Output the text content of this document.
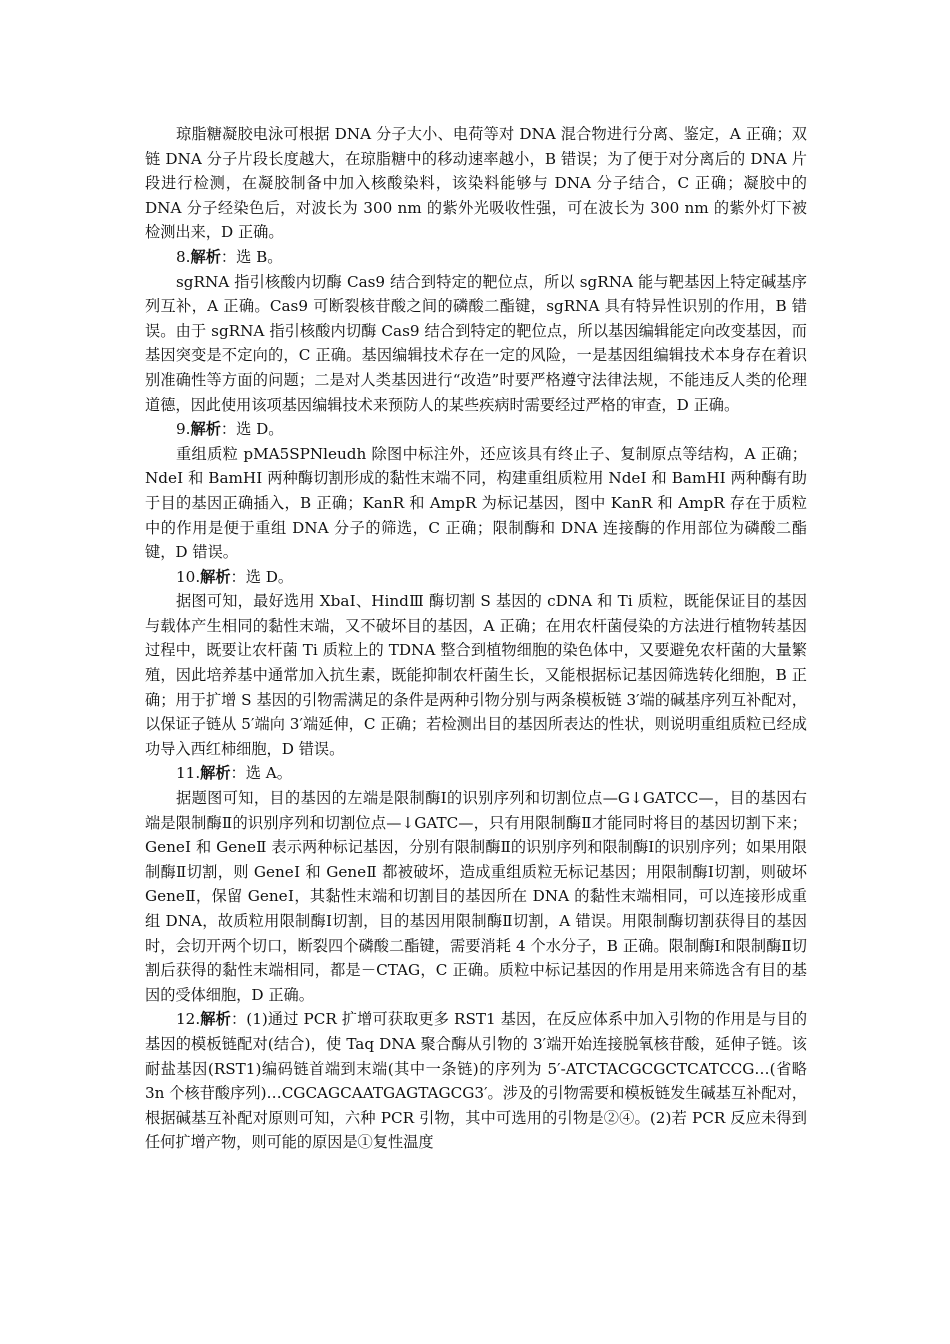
琼脂糖凝胶电泳可根据 DNA 分子大小、电荷等对 DNA 混合物进行分离、鉴定，A 正确；双链 DNA 分子片段长度越大，在琼脂糖中的移动速率越小，B 错误；为了便于对分离后的 DNA 片段进行检测，在凝胶制备中加入核酸染料，该染料能够与 DNA 分子结合，C 正确；凝胶中的 DNA 分子经染色后，对波长为 300 nm 的紫外光吸收性强，可在波长为 300 nm 的紫外灯下被检测出来，D 正确。

8.解析：选 B。

sgRNA 指引核酸内切酶 Cas9 结合到特定的靶位点，所以 sgRNA 能与靶基因上特定碱基序列互补，A 正确。Cas9 可断裂核苷酸之间的磷酸二酯键，sgRNA 具有特异性识别的作用，B 错误。由于 sgRNA 指引核酸内切酶 Cas9 结合到特定的靶位点，所以基因编辑能定向改变基因，而基因突变是不定向的，C 正确。基因编辑技术存在一定的风险，一是基因组编辑技术本身存在着识别准确性等方面的问题；二是对人类基因进行“改造”时要严格遵守法律法规，不能违反人类的伦理道德，因此使用该项基因编辑技术来预防人的某些疾病时需要经过严格的审查，D 正确。

9.解析：选 D。

重组质粒 pMA5SPNleudh 除图中标注外，还应该具有终止子、复制原点等结构，A 正确；NdeⅠ 和 BamHⅠ 两种酶切割形成的黏性末端不同，构建重组质粒用 NdeⅠ 和 BamHⅠ 两种酶有助于目的基因正确插入，B 正确；KanR 和 AmpR 为标记基因，图中 KanR 和 AmpR 存在于质粒中的作用是便于重组 DNA 分子的筛选，C 正确；限制酶和 DNA 连接酶的作用部位为磷酸二酯键，D 错误。

10.解析：选 D。

据图可知，最好选用 XbaⅠ、HindⅢ 酶切割 S 基因的 cDNA 和 Ti 质粒，既能保证目的基因与载体产生相同的黏性末端，又不破坏目的基因，A 正确；在用农杆菌侵染的方法进行植物转基因过程中，既要让农杆菌 Ti 质粒上的 TDNA 整合到植物细胞的染色体中，又要避免农杆菌的大量繁殖，因此培养基中通常加入抗生素，既能抑制农杆菌生长，又能根据标记基因筛选转化细胞，B 正确；用于扩增 S 基因的引物需满足的条件是两种引物分别与两条模板链 3′端的碱基序列互补配对，以保证子链从 5′端向 3′端延伸，C 正确；若检测出目的基因所表达的性状，则说明重组质粒已经成功导入西红柿细胞，D 错误。

11.解析：选 A。

据题图可知，目的基因的左端是限制酶Ⅰ的识别序列和切割位点—G↓GATCC—，目的基因右端是限制酶Ⅱ的识别序列和切割位点—↓GATC—，只有用限制酶Ⅱ才能同时将目的基因切割下来；GeneⅠ 和 GeneⅡ 表示两种标记基因，分别有限制酶Ⅱ的识别序列和限制酶Ⅰ的识别序列；如果用限制酶Ⅱ切割，则 GeneⅠ 和 GeneⅡ 都被破坏，造成重组质粒无标记基因；用限制酶Ⅰ切割，则破坏 GeneⅡ，保留 GeneⅠ，其黏性末端和切割目的基因所在 DNA 的黏性末端相同，可以连接形成重组 DNA，故质粒用限制酶Ⅰ切割，目的基因用限制酶Ⅱ切割，A 错误。用限制酶切割获得目的基因时，会切开两个切口，断裂四个磷酸二酯键，需要消耗 4 个水分子，B 正确。限制酶Ⅰ和限制酶Ⅱ切割后获得的黏性末端相同，都是－CTAG，C 正确。质粒中标记基因的作用是用来筛选含有目的基因的受体细胞，D 正确。

12.解析：(1)通过 PCR 扩增可获取更多 RST1 基因，在反应体系中加入引物的作用是与目的基因的模板链配对(结合)，使 Taq DNA 聚合酶从引物的 3′端开始连接脱氧核苷酸，延伸子链。该耐盐基因(RST1)编码链首端到末端(其中一条链)的序列为 5′-ATCTACGCGCTCATCCG…(省略 3n 个核苷酸序列)…CGCAGCAATGAGTAGCG3′。涉及的引物需要和模板链发生碱基互补配对，根据碱基互补配对原则可知，六种 PCR 引物，其中可选用的引物是②④。(2)若 PCR 反应未得到任何扩增产物，则可能的原因是①复性温度
